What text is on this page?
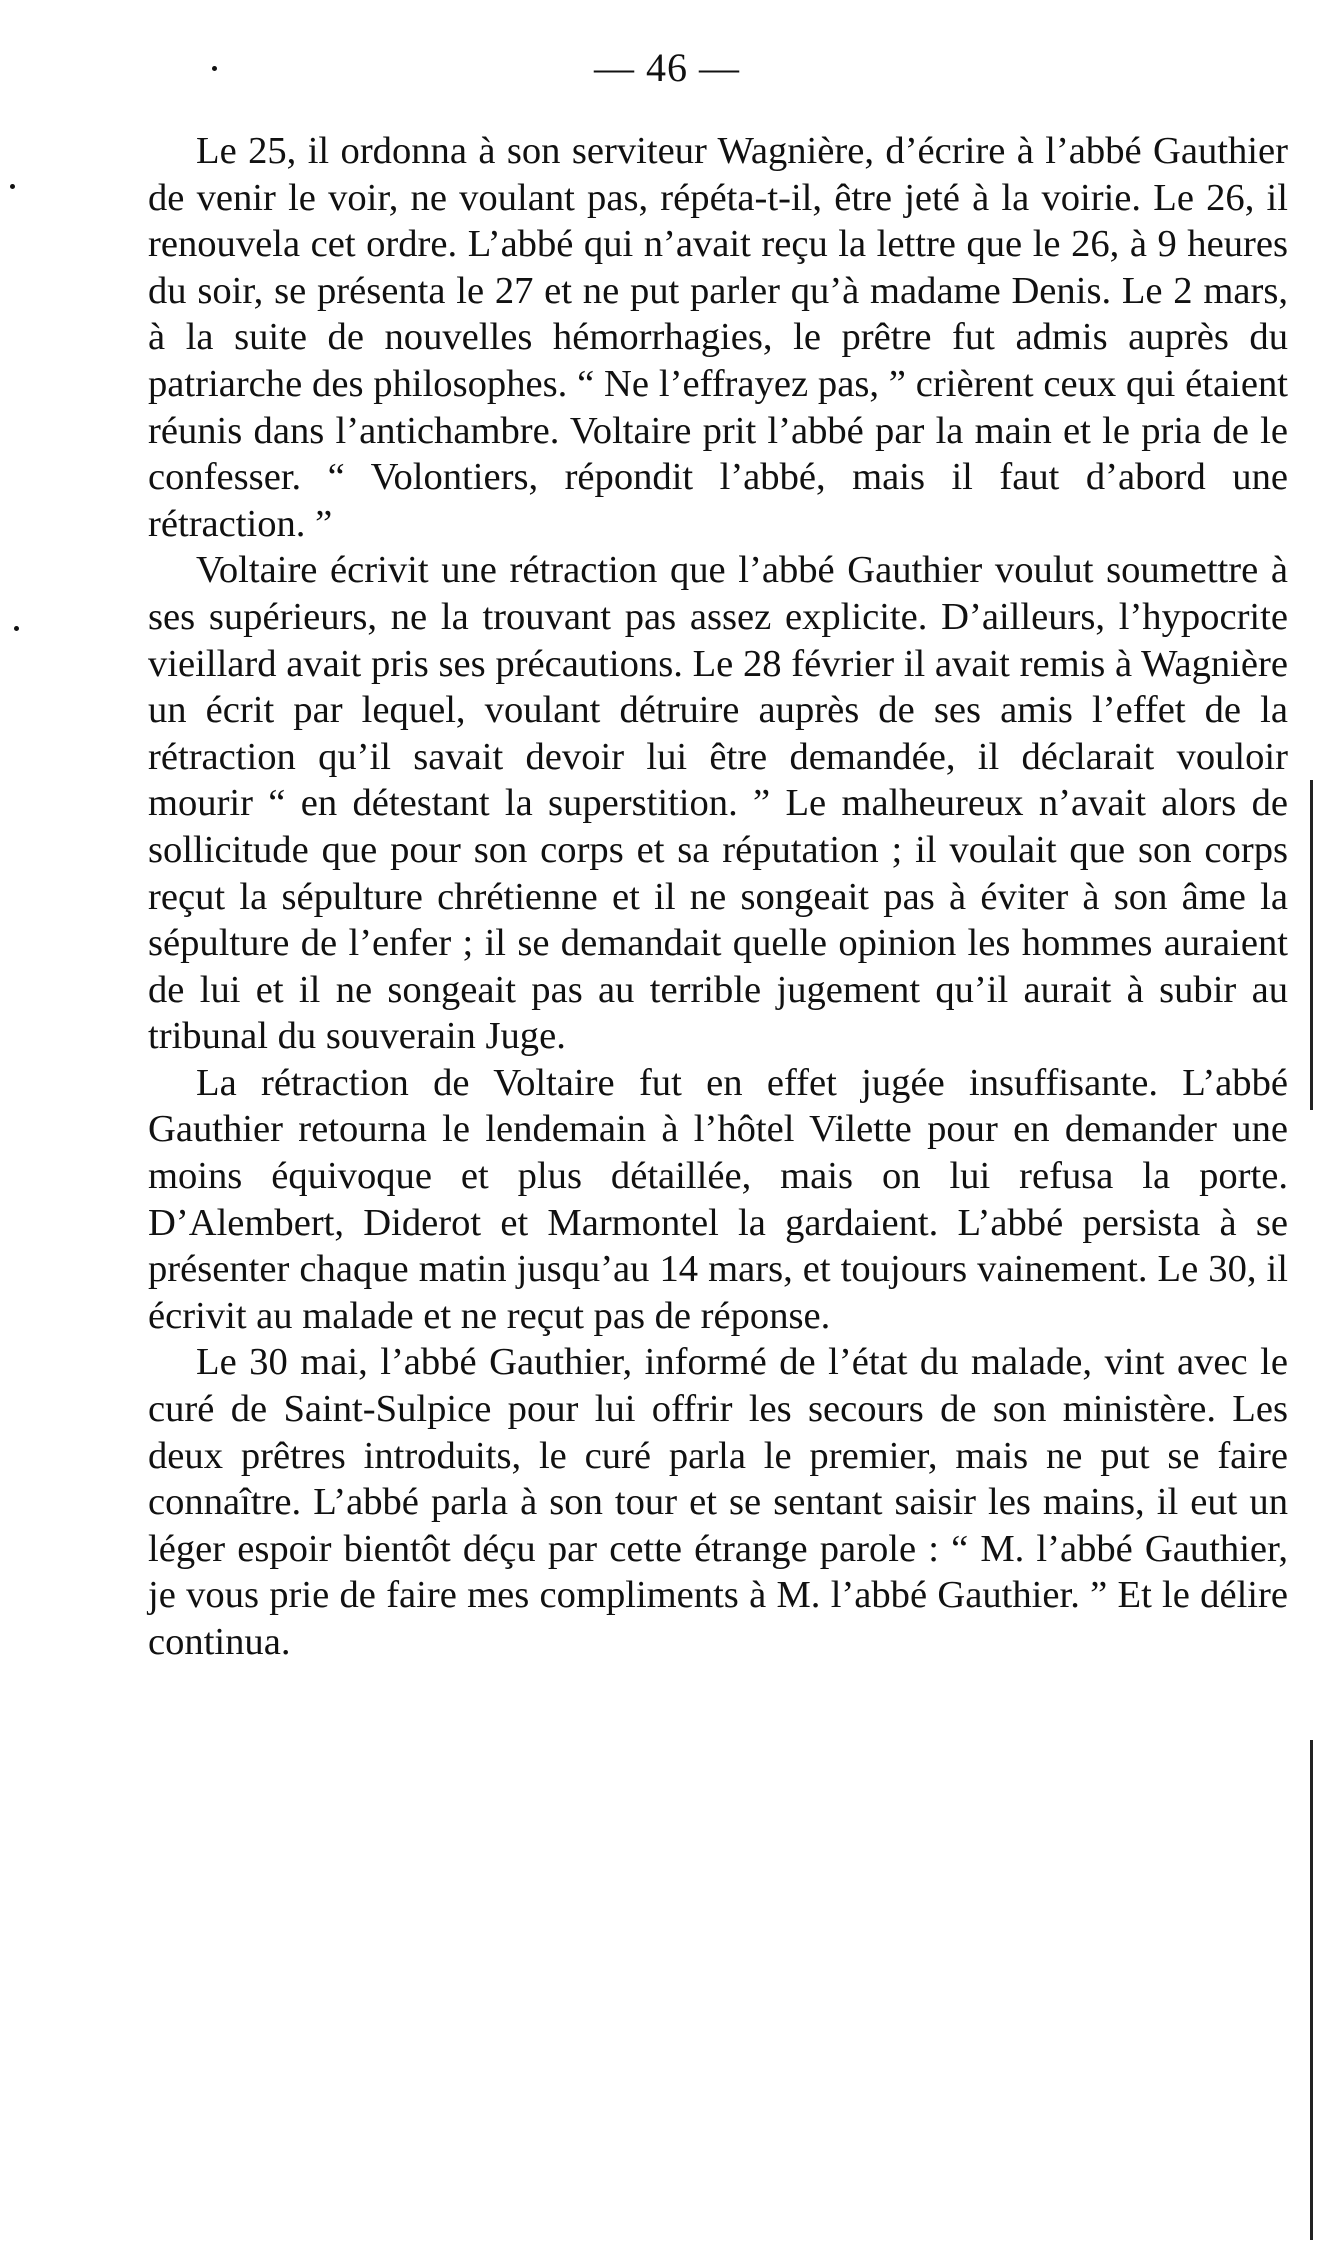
— 46 —

Le 25, il ordonna à son serviteur Wagnière, d’écrire à l’abbé Gauthier de venir le voir, ne voulant pas, répéta-t-il, être jeté à la voirie. Le 26, il renouvela cet ordre. L’abbé qui n’avait reçu la lettre que le 26, à 9 heures du soir, se présenta le 27 et ne put parler qu’à madame Denis. Le 2 mars, à la suite de nouvelles hémorrhagies, le prêtre fut admis auprès du patriarche des philosophes. “ Ne l’effrayez pas, ” crièrent ceux qui étaient réunis dans l’antichambre. Voltaire prit l’abbé par la main et le pria de le confesser. “ Volontiers, répondit l’abbé, mais il faut d’abord une rétraction. ”

Voltaire écrivit une rétraction que l’abbé Gauthier voulut soumettre à ses supérieurs, ne la trouvant pas assez explicite. D’ailleurs, l’hypocrite vieillard avait pris ses précautions. Le 28 février il avait remis à Wagnière un écrit par lequel, voulant détruire auprès de ses amis l’effet de la rétraction qu’il savait devoir lui être demandée, il déclarait vouloir mourir “ en détestant la superstition. ” Le malheureux n’avait alors de sollicitude que pour son corps et sa réputation ; il voulait que son corps reçut la sépulture chrétienne et il ne songeait pas à éviter à son âme la sépulture de l’enfer ; il se demandait quelle opinion les hommes auraient de lui et il ne songeait pas au terrible jugement qu’il aurait à subir au tribunal du souverain Juge.

La rétraction de Voltaire fut en effet jugée insuffisante. L’abbé Gauthier retourna le lendemain à l’hôtel Vilette pour en demander une moins équivoque et plus détaillée, mais on lui refusa la porte. D’Alembert, Diderot et Marmontel la gardaient. L’abbé persista à se présenter chaque matin jusqu’au 14 mars, et toujours vainement. Le 30, il écrivit au malade et ne reçut pas de réponse.

Le 30 mai, l’abbé Gauthier, informé de l’état du malade, vint avec le curé de Saint-Sulpice pour lui offrir les secours de son ministère. Les deux prêtres introduits, le curé parla le premier, mais ne put se faire connaître. L’abbé parla à son tour et se sentant saisir les mains, il eut un léger espoir bientôt déçu par cette étrange parole : “ M. l’abbé Gauthier, je vous prie de faire mes compliments à M. l’abbé Gauthier. ” Et le délire continua.
